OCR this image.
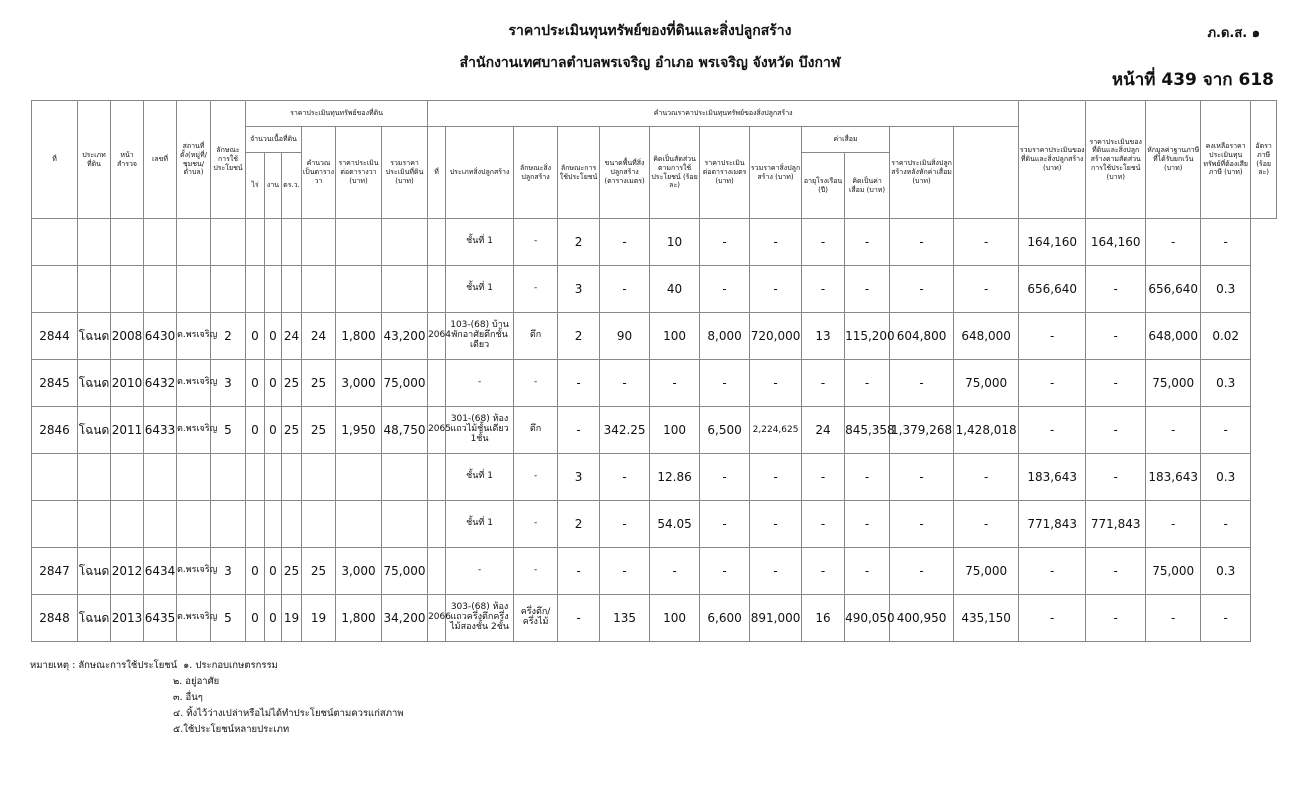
ราคาประเมินทุนทรัพย์ของที่ดินและสิ่งปลูกสร้าง	ภ.ด.ส. ๑
สำนักงานเทศบาลตำบลพรเจริญ อำเภอ พรเจริญ จังหวัด บึงกาฬ
หน้าที่ 439 จาก 618
ที่	ประเภทที่ดิน	หน้าสำรวจ	เลขที่	สถานที่ตั้ง(หมู่ที่/ชุมชน/ตำบล)	ลักษณะการใช้ประโยชน์	ราคาประเมินทุนทรัพย์ของที่ดิน						คำนวณราคาประเมินทุนทรัพย์ของสิ่งปลูกสร้าง												รวมราคาประเมินของที่ดินและสิ่งปลูกสร้าง (บาท)	ราคาประเมินของที่ดินและสิ่งปลูกสร้างตามสัดส่วนการใช้ประโยชน์ (บาท)	หักมูลค่าฐานภาษีที่ได้รับยกเว้น (บาท)	คงเหลือราคาประเมินทุนทรัพย์ที่ต้องเสียภาษี (บาท)	อัตราภาษี (ร้อยละ)
						จำนวนเนื้อที่ดิน			คำนวณเป็นตารางวา	ราคาประเมินต่อตารางวา (บาท)	รวมราคาประเมินที่ดิน (บาท)	ที่	ประเภทสิ่งปลูกสร้าง	ลักษณะสิ่งปลูกสร้าง	ลักษณะการใช้ประโยชน์	ขนาดพื้นที่สิ่งปลูกสร้าง (ตารางเมตร)	คิดเป็นสัดส่วนตามการใช้ประโยชน์ (ร้อยละ)	ราคาประเมินต่อตารางเมตร (บาท)	รวมราคาสิ่งปลูกสร้าง (บาท)	ค่าเสื่อม		ราคาประเมินสิ่งปลูกสร้างหลังหักค่าเสื่อม (บาท)						
						ไร่	งาน	ตร.ว.												อายุโรงเรือน (ปี)	คิดเป็นค่าเสื่อม (บาท)							
													ชั้นที่ 1	-	2	-	10	-	-	-	-	-	-	164,160	164,160	-	-	
													ชั้นที่ 1	-	3	-	40	-	-	-	-	-	-	656,640	-	656,640	0.3	
2844	โฉนด	2008	6430	ต.พรเจริญ	2	0	0	24	24	1,800	43,200	2064	103-(68) บ้านพักอาศัยตึกชั้นเดียว	ตึก	2	90	100	8,000	720,000	13	115,200	604,800	648,000	-	-	648,000	0.02	
2845	โฉนด	2010	6432	ต.พรเจริญ	3	0	0	25	25	3,000	75,000		-	-	-	-	-	-	-	-	-	-	75,000	-	-	75,000	0.3	
2846	โฉนด	2011	6433	ต.พรเจริญ	5	0	0	25	25	1,950	48,750	2065	301-(68) ห้องแถวไม้ชั้นเดียว 1ชั้น	ตึก	-	342.25	100	6,500	2,224,625	24	845,358	1,379,268	1,428,018	-	-	-	-	
													ชั้นที่ 1	-	3	-	12.86	-	-	-	-	-	-	183,643	-	183,643	0.3	
													ชั้นที่ 1	-	2	-	54.05	-	-	-	-	-	-	771,843	771,843	-	-	
2847	โฉนด	2012	6434	ต.พรเจริญ	3	0	0	25	25	3,000	75,000		-	-	-	-	-	-	-	-	-	-	75,000	-	-	75,000	0.3	
2848	โฉนด	2013	6435	ต.พรเจริญ	5	0	0	19	19	1,800	34,200	2066	303-(68) ห้องแถวครึ่งตึกครึ่งไม้สองชั้น 2ชั้น	ครึ่งตึก/ครึ่งไม้	-	135	100	6,600	891,000	16	490,050	400,950	435,150	-	-	-	-	
หมายเหตุ : ลักษณะการใช้ประโยชน์ ๑. ประกอบเกษตรกรรม
๒. อยู่อาศัย
๓. อื่นๆ
๔. ทิ้งไว้ว่างเปล่าหรือไม่ได้ทำประโยชน์ตามควรแก่สภาพ
๕.ใช้ประโยชน์หลายประเภท
